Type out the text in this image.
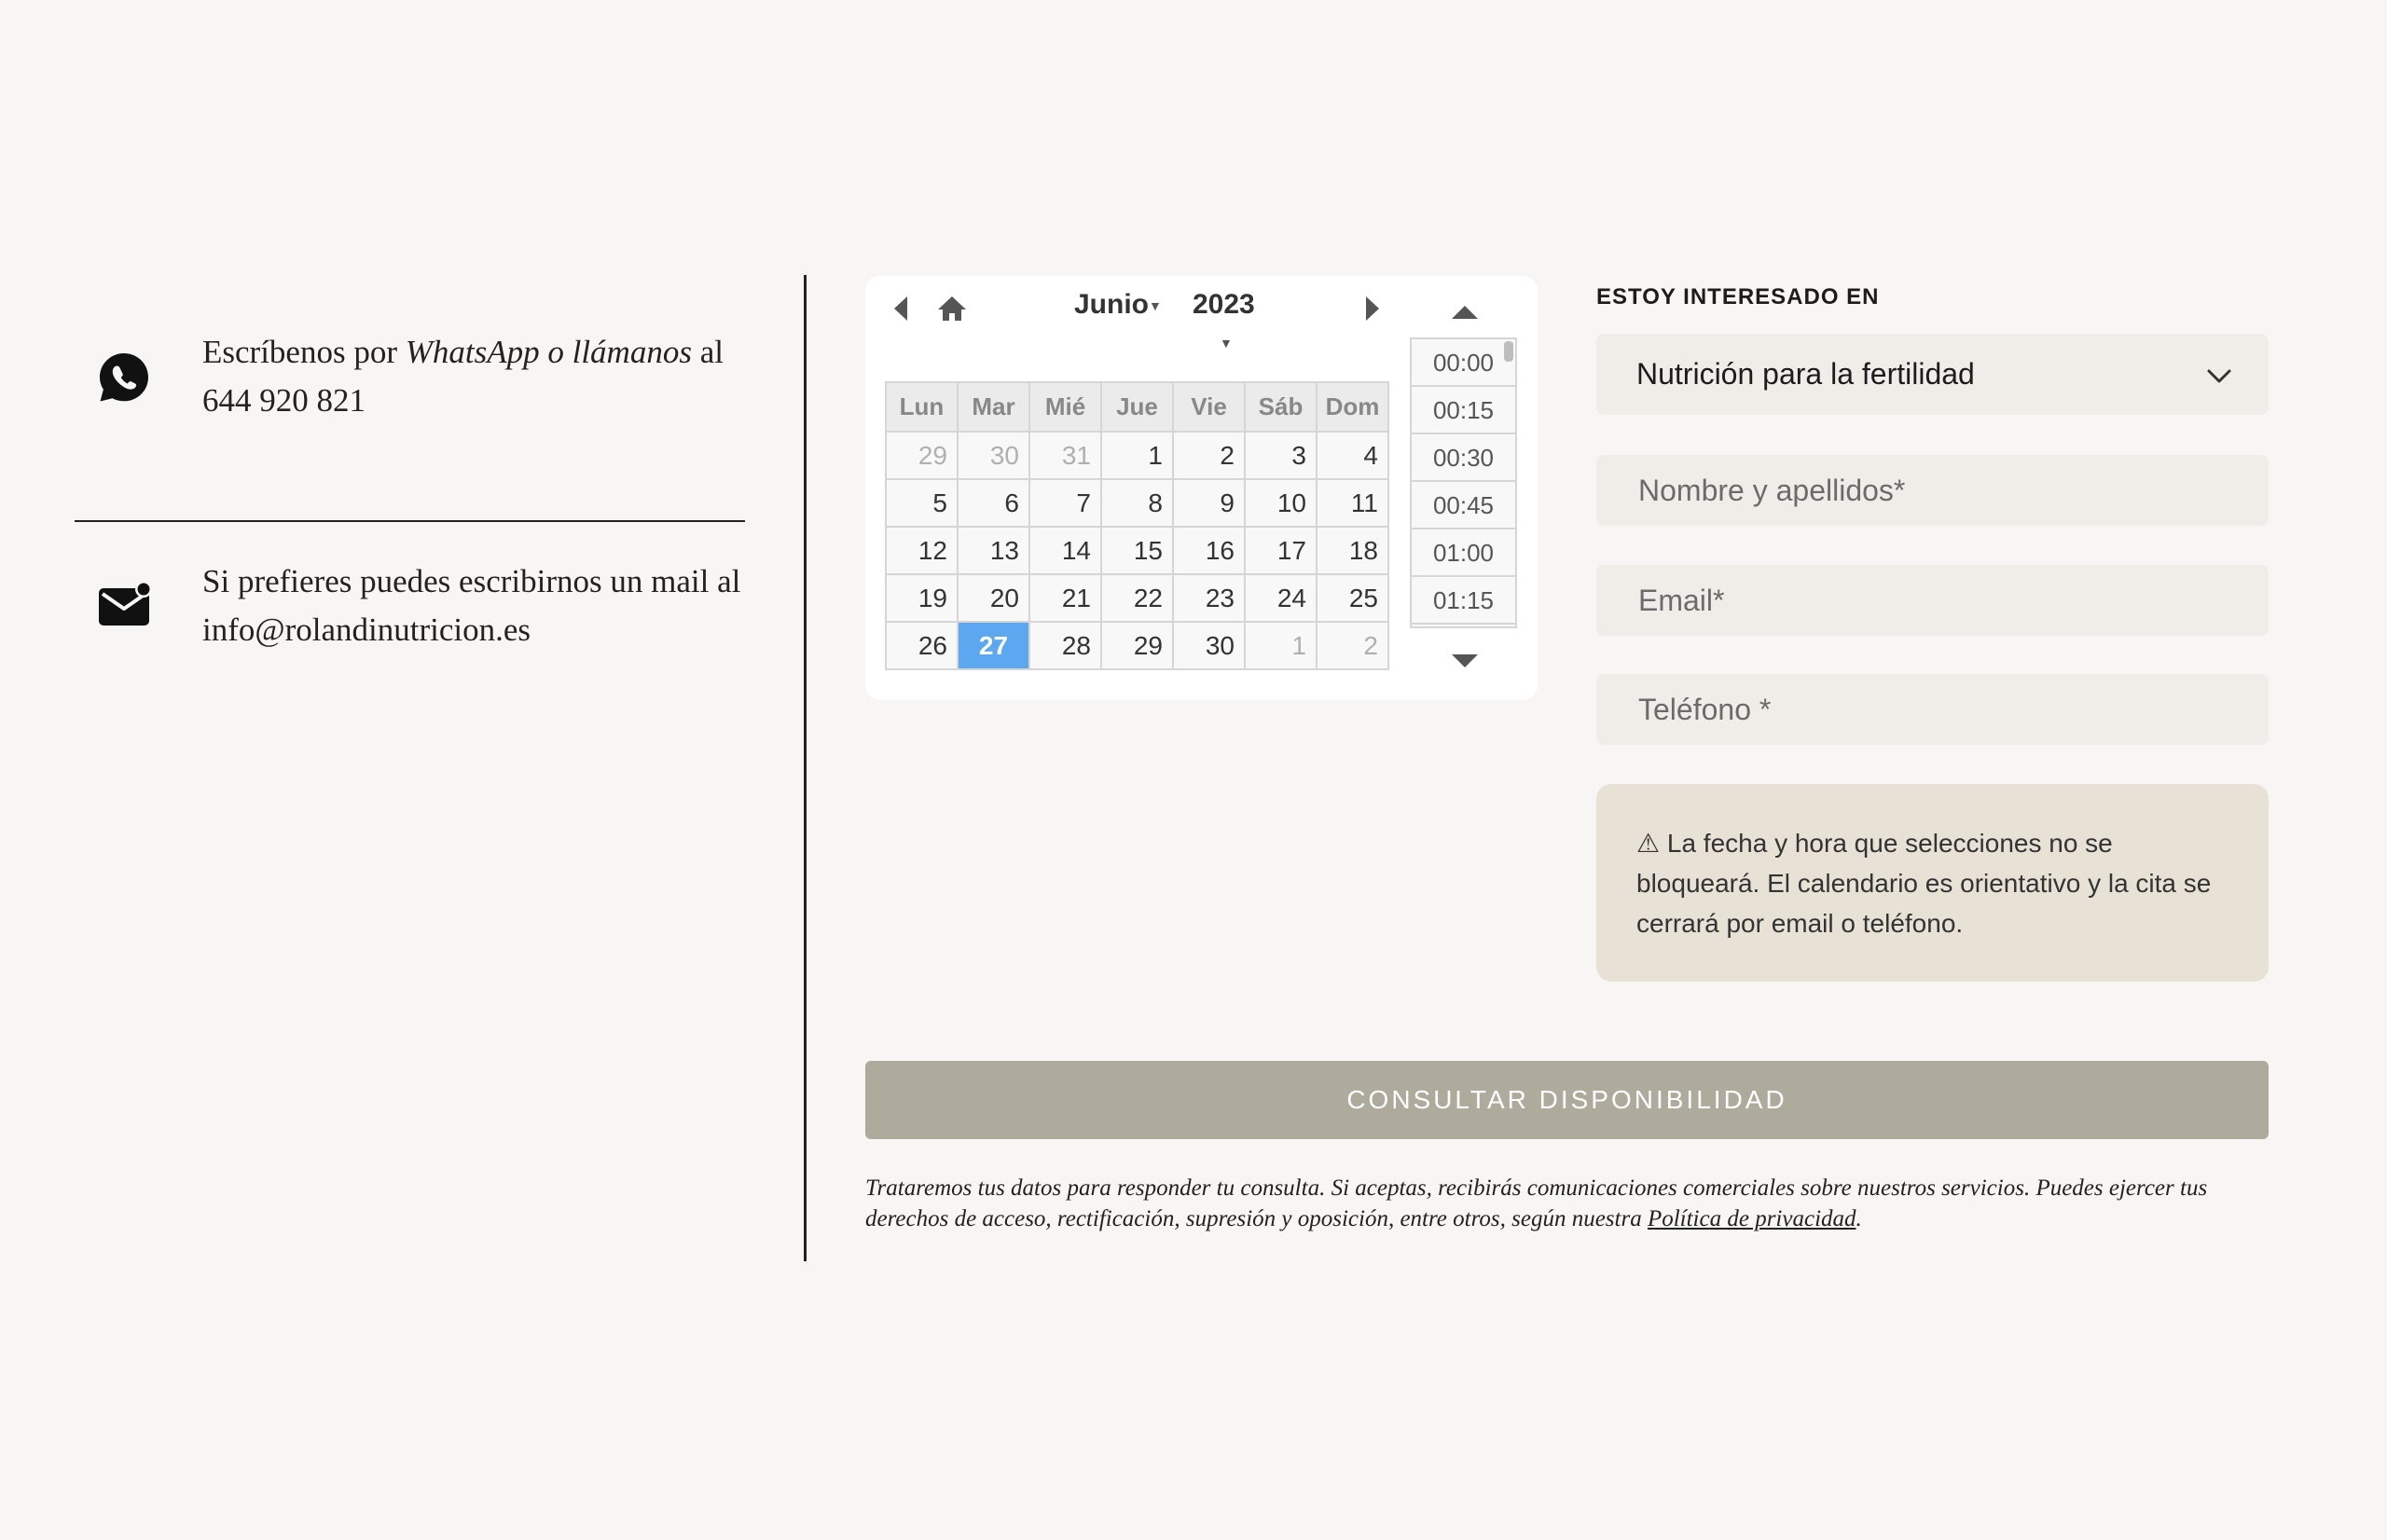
Escríbenos por WhatsApp o llámanos al
644 920 821
Si prefieres puedes escribirnos un mail al
info@rolandinutricion.es
Junio▼ 2023
▼
Lun	Mar	Mié	Jue	Vie	Sáb	Dom
29	30	31	1	2	3	4
5	6	7	8	9	10	11
12	13	14	15	16	17	18
19	20	21	22	23	24	25
26	27	28	29	30	1	2
00:00
00:15
00:30
00:45
01:00
01:15
ESTOY INTERESADO EN
Nutrición para la fertilidad
Nombre y apellidos*
Email*
Teléfono *
⚠ La fecha y hora que selecciones no se bloqueará. El calendario es orientativo y la cita se cerrará por email o teléfono.
CONSULTAR DISPONIBILIDAD
Trataremos tus datos para responder tu consulta. Si aceptas, recibirás comunicaciones comerciales sobre nuestros servicios. Puedes ejercer tus derechos de acceso, rectificación, supresión y oposición, entre otros, según nuestra Política de privacidad.
